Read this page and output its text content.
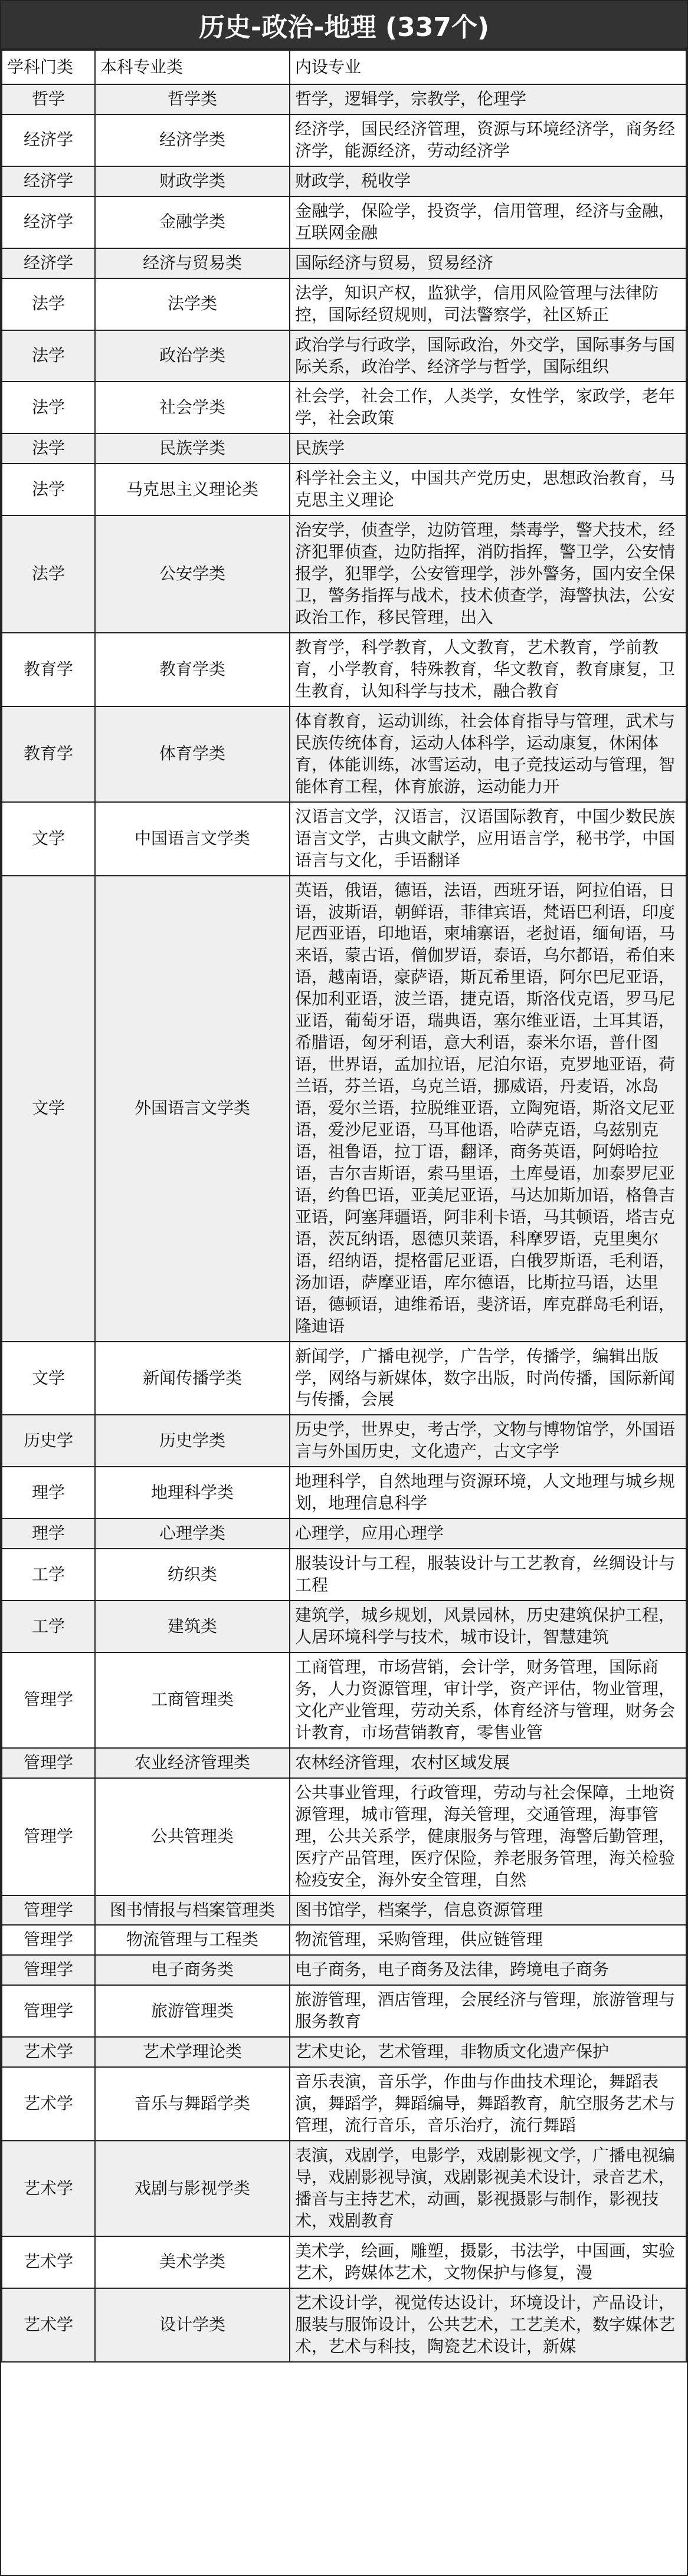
历史-政治-地理 (337个)
学科门类	本科专业类	内设专业
哲学	哲学类	哲学，逻辑学，宗教学，伦理学
经济学	经济学类	经济学，国民经济管理，资源与环境经济学，商务经济学，能源经济，劳动经济学
经济学	财政学类	财政学，税收学
经济学	金融学类	金融学，保险学，投资学，信用管理，经济与金融，互联网金融
经济学	经济与贸易类	国际经济与贸易，贸易经济
法学	法学类	法学，知识产权，监狱学，信用风险管理与法律防控，国际经贸规则，司法警察学，社区矫正
法学	政治学类	政治学与行政学，国际政治，外交学，国际事务与国际关系，政治学、经济学与哲学，国际组织
法学	社会学类	社会学，社会工作，人类学，女性学，家政学，老年学，社会政策
法学	民族学类	民族学
法学	马克思主义理论类	科学社会主义，中国共产党历史，思想政治教育，马克思主义理论
法学	公安学类	治安学，侦查学，边防管理，禁毒学，警犬技术，经济犯罪侦查，边防指挥，消防指挥，警卫学，公安情报学，犯罪学，公安管理学，涉外警务，国内安全保卫，警务指挥与战术，技术侦查学，海警执法，公安政治工作，移民管理，出入
教育学	教育学类	教育学，科学教育，人文教育，艺术教育，学前教育，小学教育，特殊教育，华文教育，教育康复，卫生教育，认知科学与技术，融合教育
教育学	体育学类	体育教育，运动训练，社会体育指导与管理，武术与民族传统体育，运动人体科学，运动康复，休闲体育，体能训练，冰雪运动，电子竞技运动与管理，智能体育工程，体育旅游，运动能力开
文学	中国语言文学类	汉语言文学，汉语言，汉语国际教育，中国少数民族语言文学，古典文献学，应用语言学，秘书学，中国语言与文化，手语翻译
文学	外国语言文学类	英语，俄语，德语，法语，西班牙语，阿拉伯语，日语，波斯语，朝鲜语，菲律宾语，梵语巴利语，印度尼西亚语，印地语，柬埔寨语，老挝语，缅甸语，马来语，蒙古语，僧伽罗语，泰语，乌尔都语，希伯来语，越南语，豪萨语，斯瓦希里语，阿尔巴尼亚语，保加利亚语，波兰语，捷克语，斯洛伐克语，罗马尼亚语，葡萄牙语，瑞典语，塞尔维亚语，土耳其语，希腊语，匈牙利语，意大利语，泰米尔语，普什图语，世界语，孟加拉语，尼泊尔语，克罗地亚语，荷兰语，芬兰语，乌克兰语，挪威语，丹麦语，冰岛语，爱尔兰语，拉脱维亚语，立陶宛语，斯洛文尼亚语，爱沙尼亚语，马耳他语，哈萨克语，乌兹别克语，祖鲁语，拉丁语，翻译，商务英语，阿姆哈拉语，吉尔吉斯语，索马里语，土库曼语，加泰罗尼亚语，约鲁巴语，亚美尼亚语，马达加斯加语，格鲁吉亚语，阿塞拜疆语，阿非利卡语，马其顿语，塔吉克语，茨瓦纳语，恩德贝莱语，科摩罗语，克里奥尔语，绍纳语，提格雷尼亚语，白俄罗斯语，毛利语，汤加语，萨摩亚语，库尔德语，比斯拉马语，达里语，德顿语，迪维希语，斐济语，库克群岛毛利语，隆迪语
文学	新闻传播学类	新闻学，广播电视学，广告学，传播学，编辑出版学，网络与新媒体，数字出版，时尚传播，国际新闻与传播，会展
历史学	历史学类	历史学，世界史，考古学，文物与博物馆学，外国语言与外国历史，文化遗产，古文字学
理学	地理科学类	地理科学，自然地理与资源环境，人文地理与城乡规划，地理信息科学
理学	心理学类	心理学，应用心理学
工学	纺织类	服装设计与工程，服装设计与工艺教育，丝绸设计与工程
工学	建筑类	建筑学，城乡规划，风景园林，历史建筑保护工程，人居环境科学与技术，城市设计，智慧建筑
管理学	工商管理类	工商管理，市场营销，会计学，财务管理，国际商务，人力资源管理，审计学，资产评估，物业管理，文化产业管理，劳动关系，体育经济与管理，财务会计教育，市场营销教育，零售业管
管理学	农业经济管理类	农林经济管理，农村区域发展
管理学	公共管理类	公共事业管理，行政管理，劳动与社会保障，土地资源管理，城市管理，海关管理，交通管理，海事管理，公共关系学，健康服务与管理，海警后勤管理，医疗产品管理，医疗保险，养老服务管理，海关检验检疫安全，海外安全管理，自然
管理学	图书情报与档案管理类	图书馆学，档案学，信息资源管理
管理学	物流管理与工程类	物流管理，采购管理，供应链管理
管理学	电子商务类	电子商务，电子商务及法律，跨境电子商务
管理学	旅游管理类	旅游管理，酒店管理，会展经济与管理，旅游管理与服务教育
艺术学	艺术学理论类	艺术史论，艺术管理，非物质文化遗产保护
艺术学	音乐与舞蹈学类	音乐表演，音乐学，作曲与作曲技术理论，舞蹈表演，舞蹈学，舞蹈编导，舞蹈教育，航空服务艺术与管理，流行音乐，音乐治疗，流行舞蹈
艺术学	戏剧与影视学类	表演，戏剧学，电影学，戏剧影视文学，广播电视编导，戏剧影视导演，戏剧影视美术设计，录音艺术，播音与主持艺术，动画，影视摄影与制作，影视技术，戏剧教育
艺术学	美术学类	美术学，绘画，雕塑，摄影，书法学，中国画，实验艺术，跨媒体艺术，文物保护与修复，漫
艺术学	设计学类	艺术设计学，视觉传达设计，环境设计，产品设计，服装与服饰设计，公共艺术，工艺美术，数字媒体艺术，艺术与科技，陶瓷艺术设计，新媒
